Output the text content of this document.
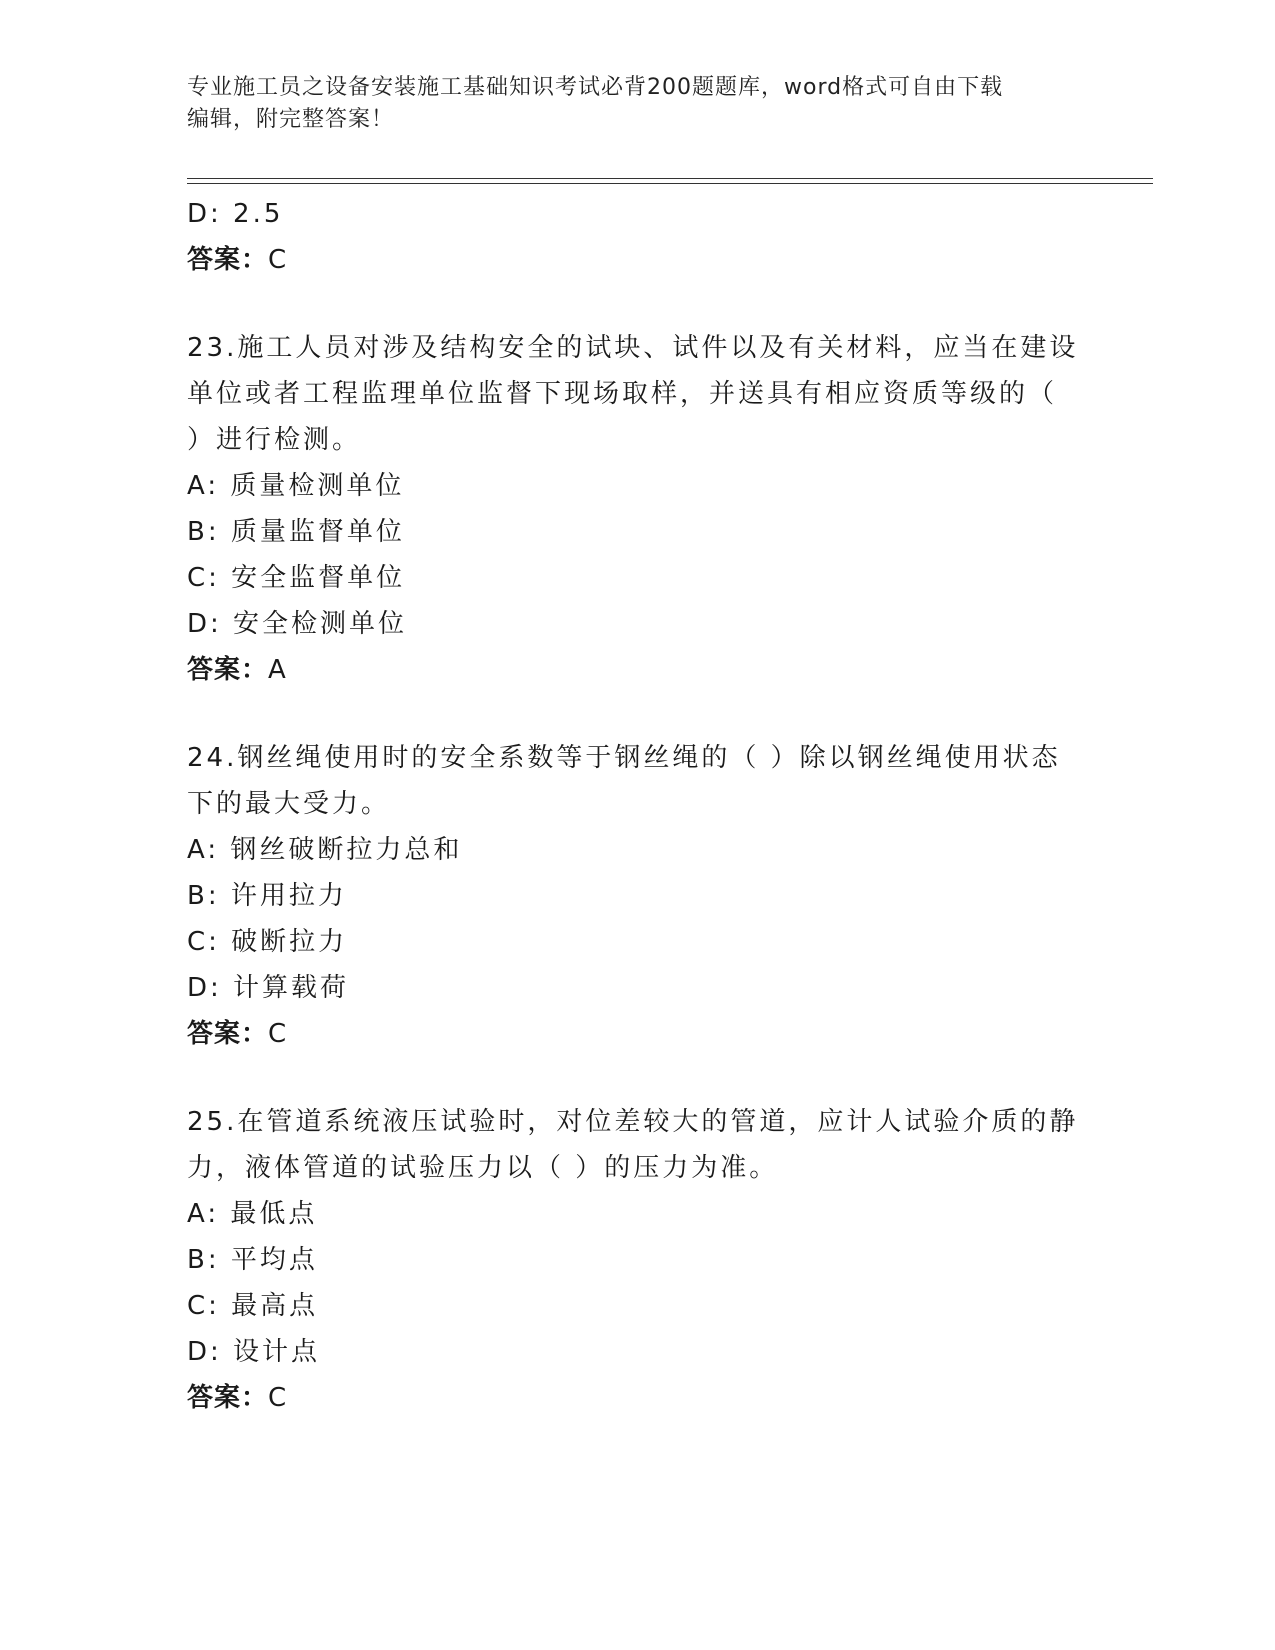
专业施工员之设备安装施工基础知识考试必背200题题库，word格式可自由下载
编辑，附完整答案！
D: 2.5
答案：C
23.施工人员对涉及结构安全的试块、试件以及有关材料，应当在建设
单位或者工程监理单位监督下现场取样，并送具有相应资质等级的（
）进行检测。
A: 质量检测单位
B: 质量监督单位
C: 安全监督单位
D: 安全检测单位
答案：A
24.钢丝绳使用时的安全系数等于钢丝绳的（ ）除以钢丝绳使用状态
下的最大受力。
A: 钢丝破断拉力总和
B: 许用拉力
C: 破断拉力
D: 计算载荷
答案：C
25.在管道系统液压试验时，对位差较大的管道，应计人试验介质的静
力，液体管道的试验压力以（ ）的压力为准。
A: 最低点
B: 平均点
C: 最高点
D: 设计点
答案：C
